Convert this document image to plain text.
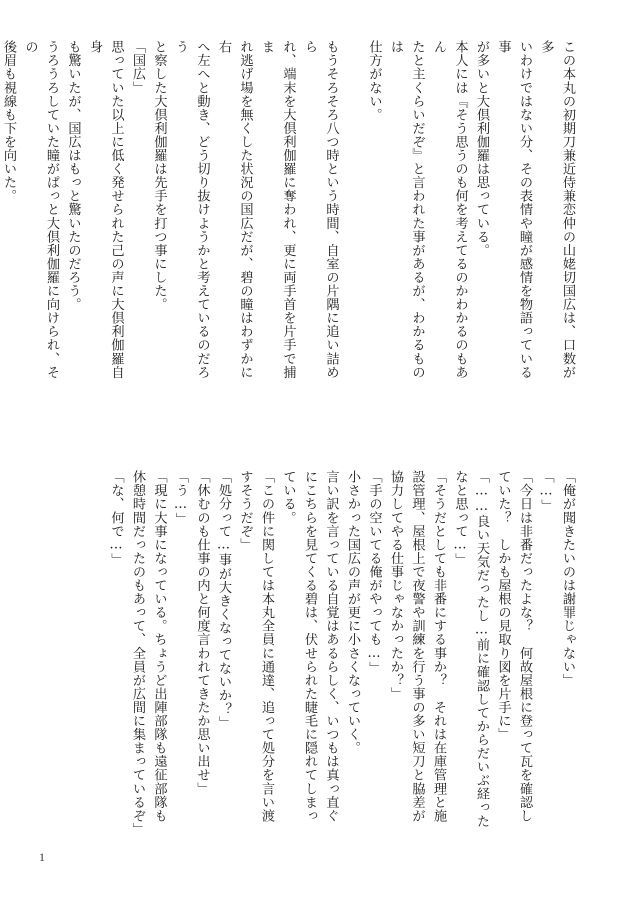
この本丸の初期刀兼近侍兼恋仲の山姥切国広は、口数が多

いわけではない分、その表情や瞳が感情を物語っている事

が多いと大倶利伽羅は思っている。

本人には『そう思うのも何を考えてるのかわかるのもあん

たと主くらいだぞ』と言われた事があるが、わかるものは

仕方がない。

もうそろそろ八つ時という時間、自室の片隅に追い詰めら

れ、端末を大倶利伽羅に奪われ、更に両手首を片手で捕ま

れ逃げ場を無くした状況の国広だが、碧の瞳はわずかに右

へ左へと動き、どう切り抜けようかと考えているのだろう

と察した大倶利伽羅は先手を打つ事にした。

「国広」

思っていた以上に低く発せられた己の声に大倶利伽羅自身

も驚いたが、国広はもっと驚いたのだろう。

うろうろしていた瞳がぱっと大倶利伽羅に向けられ、その

後眉も視線も下を向いた。

「俺が聞きたいのは謝罪じゃない」

「…」

「今日は非番だったよな？　何故屋根に登って瓦を確認し

ていた？　しかも屋根の見取り図を片手に」

「……良い天気だったし…前に確認してからだいぶ経った

なと思って…」

「そうだとしても非番にする事か？　それは在庫管理と施

設管理、屋根上で夜警や訓練を行う事の多い短刀と脇差が

協力してやる仕事じゃなかったか？」

「手の空いてる俺がやっても…」

小さかった国広の声が更に小さくなっていく。

言い訳を言っている自覚はあるらしく、いつもは真っ直ぐ

にこちらを見てくる碧は、伏せられた睫毛に隠れてしまっ

ている。

「この件に関しては本丸全員に通達、追って処分を言い渡

すそうだぞ」

「処分って…事が大きくなってないか？」

「休むのも仕事の内と何度言われてきたか思い出せ」

「う…」

「現に大事になっている。ちょうど出陣部隊も遠征部隊も

休憩時間だったのもあって、全員が広間に集まっているぞ」

「な、何で…」

1
